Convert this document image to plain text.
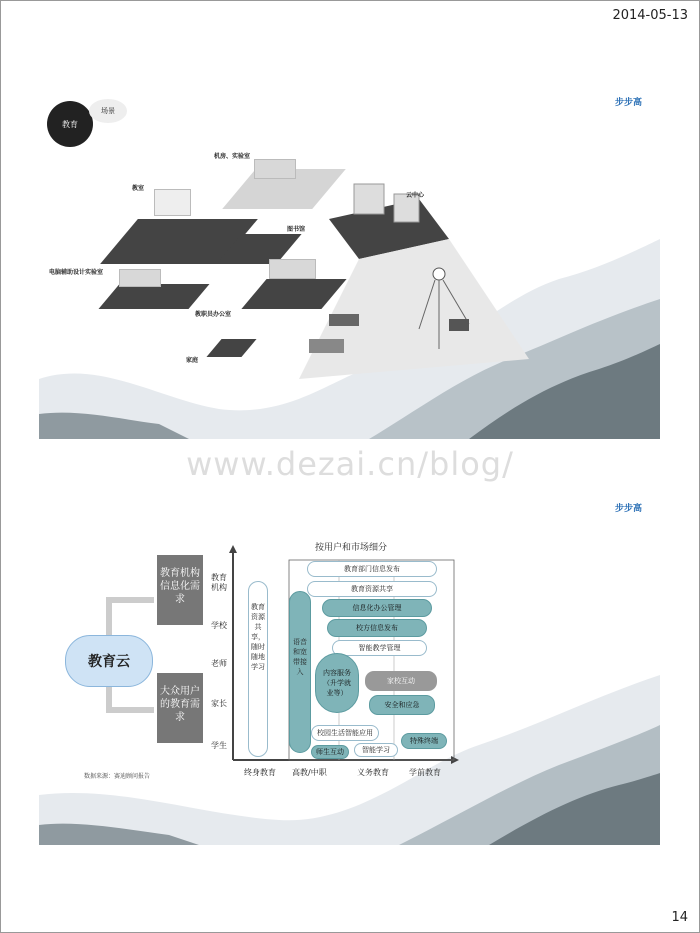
2014-05-13
步步高
教育
场景
机房、实验室
教室
云中心
图书馆
电脑辅助设计实验室
教职员办公室
家庭
www.dezai.cn/blog/
步步高
教育机构信息化需求
大众用户的教育需求
教育云
数据来源：赛迪顾问报告
按用户和市场细分
教育机构
学校
老师
家长
学生
终身教育 高教/中职	义务教育	学前教育
教育资源共享，随时随地学习
语音和宽带接入
教育部门信息发布
教育资源共享
信息化办公管理
校方信息发布
智能教学管理
内容服务（升学就业等）
家校互动
安全和应急
校园生活智能应用
师生互动	智能学习
特殊终端
14
